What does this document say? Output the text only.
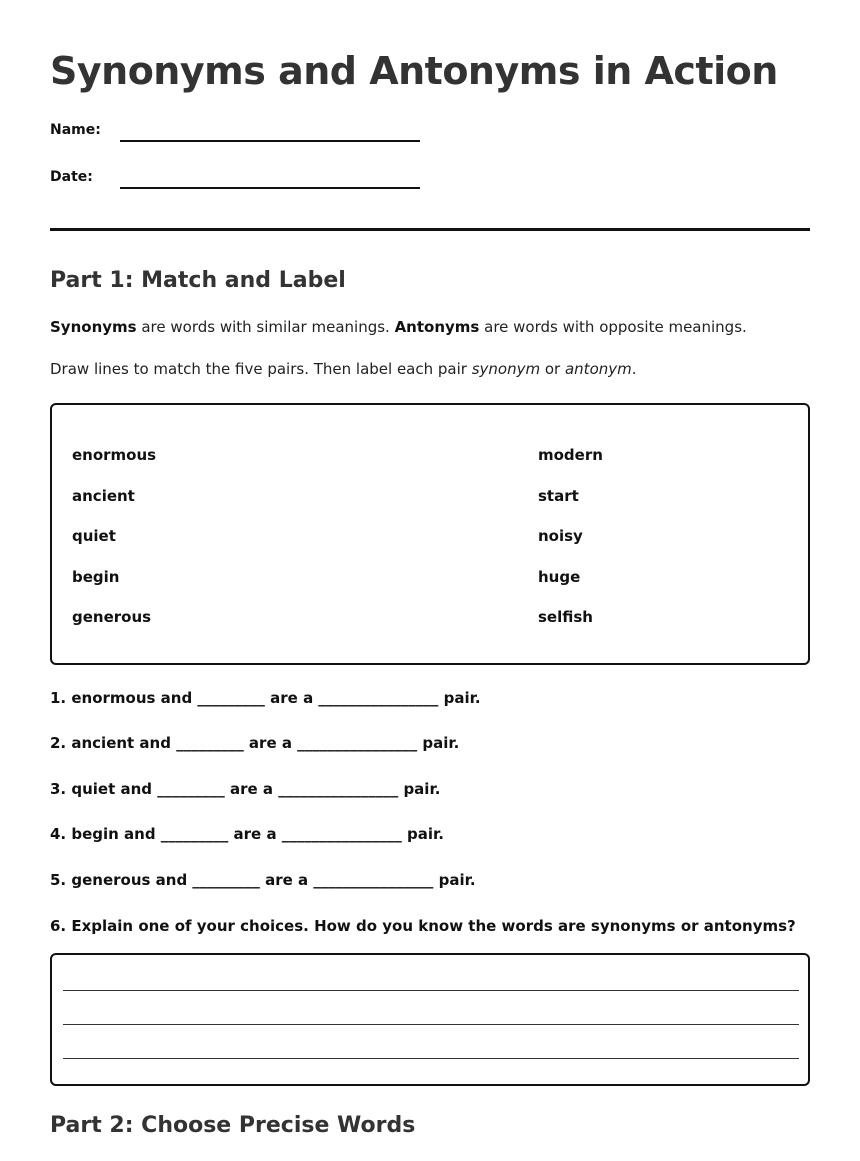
Synonyms and Antonyms in Action
Name:
Date:
Part 1: Match and Label

Synonyms are words with similar meanings. Antonyms are words with opposite meanings.

Draw lines to match the five pairs. Then label each pair synonym or antonym.

enormous
ancient
quiet
begin
generous
modern
start
noisy
huge
selfish

1. enormous and _________ are a ________________ pair.

2. ancient and _________ are a ________________ pair.

3. quiet and _________ are a ________________ pair.

4. begin and _________ are a ________________ pair.

5. generous and _________ are a ________________ pair.

6. Explain one of your choices. How do you know the words are synonyms or antonyms?

Part 2: Choose Precise Words
